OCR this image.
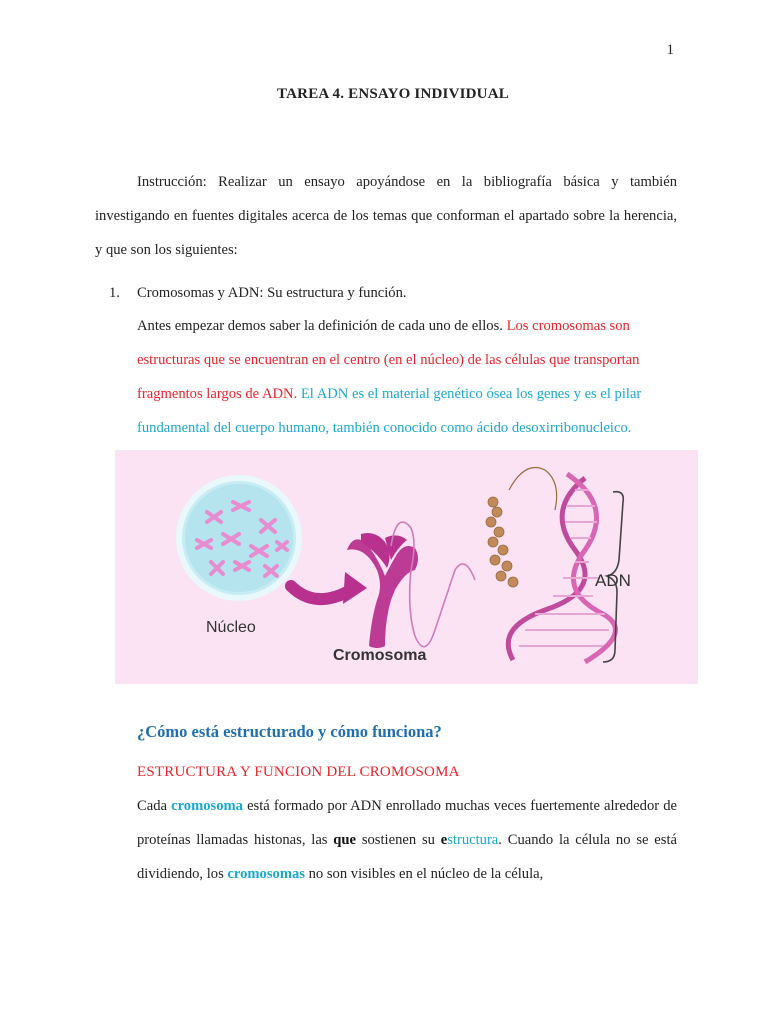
1
TAREA 4. ENSAYO INDIVIDUAL
Instrucción: Realizar un ensayo apoyándose en la bibliografía básica y también investigando en fuentes digitales acerca de los temas que conforman el apartado sobre la herencia, y que son los siguientes:
1. Cromosomas y ADN: Su estructura y función.
Antes empezar demos saber la definición de cada uno de ellos. Los cromosomas son estructuras que se encuentran en el centro (en el núcleo) de las células que transportan fragmentos largos de ADN. El ADN es el material genético ósea los genes y es el pilar fundamental del cuerpo humano, también conocido como ácido desoxirribonucleico.
ADN
Núcleo
Cromosoma
¿Cómo está estructurado y cómo funciona?
ESTRUCTURA Y FUNCION DEL CROMOSOMA
Cada cromosoma está formado por ADN enrollado muchas veces fuertemente alrededor de proteínas llamadas histonas, las que sostienen su estructura. Cuando la célula no se está dividiendo, los cromosomas no son visibles en el núcleo de la célula,
